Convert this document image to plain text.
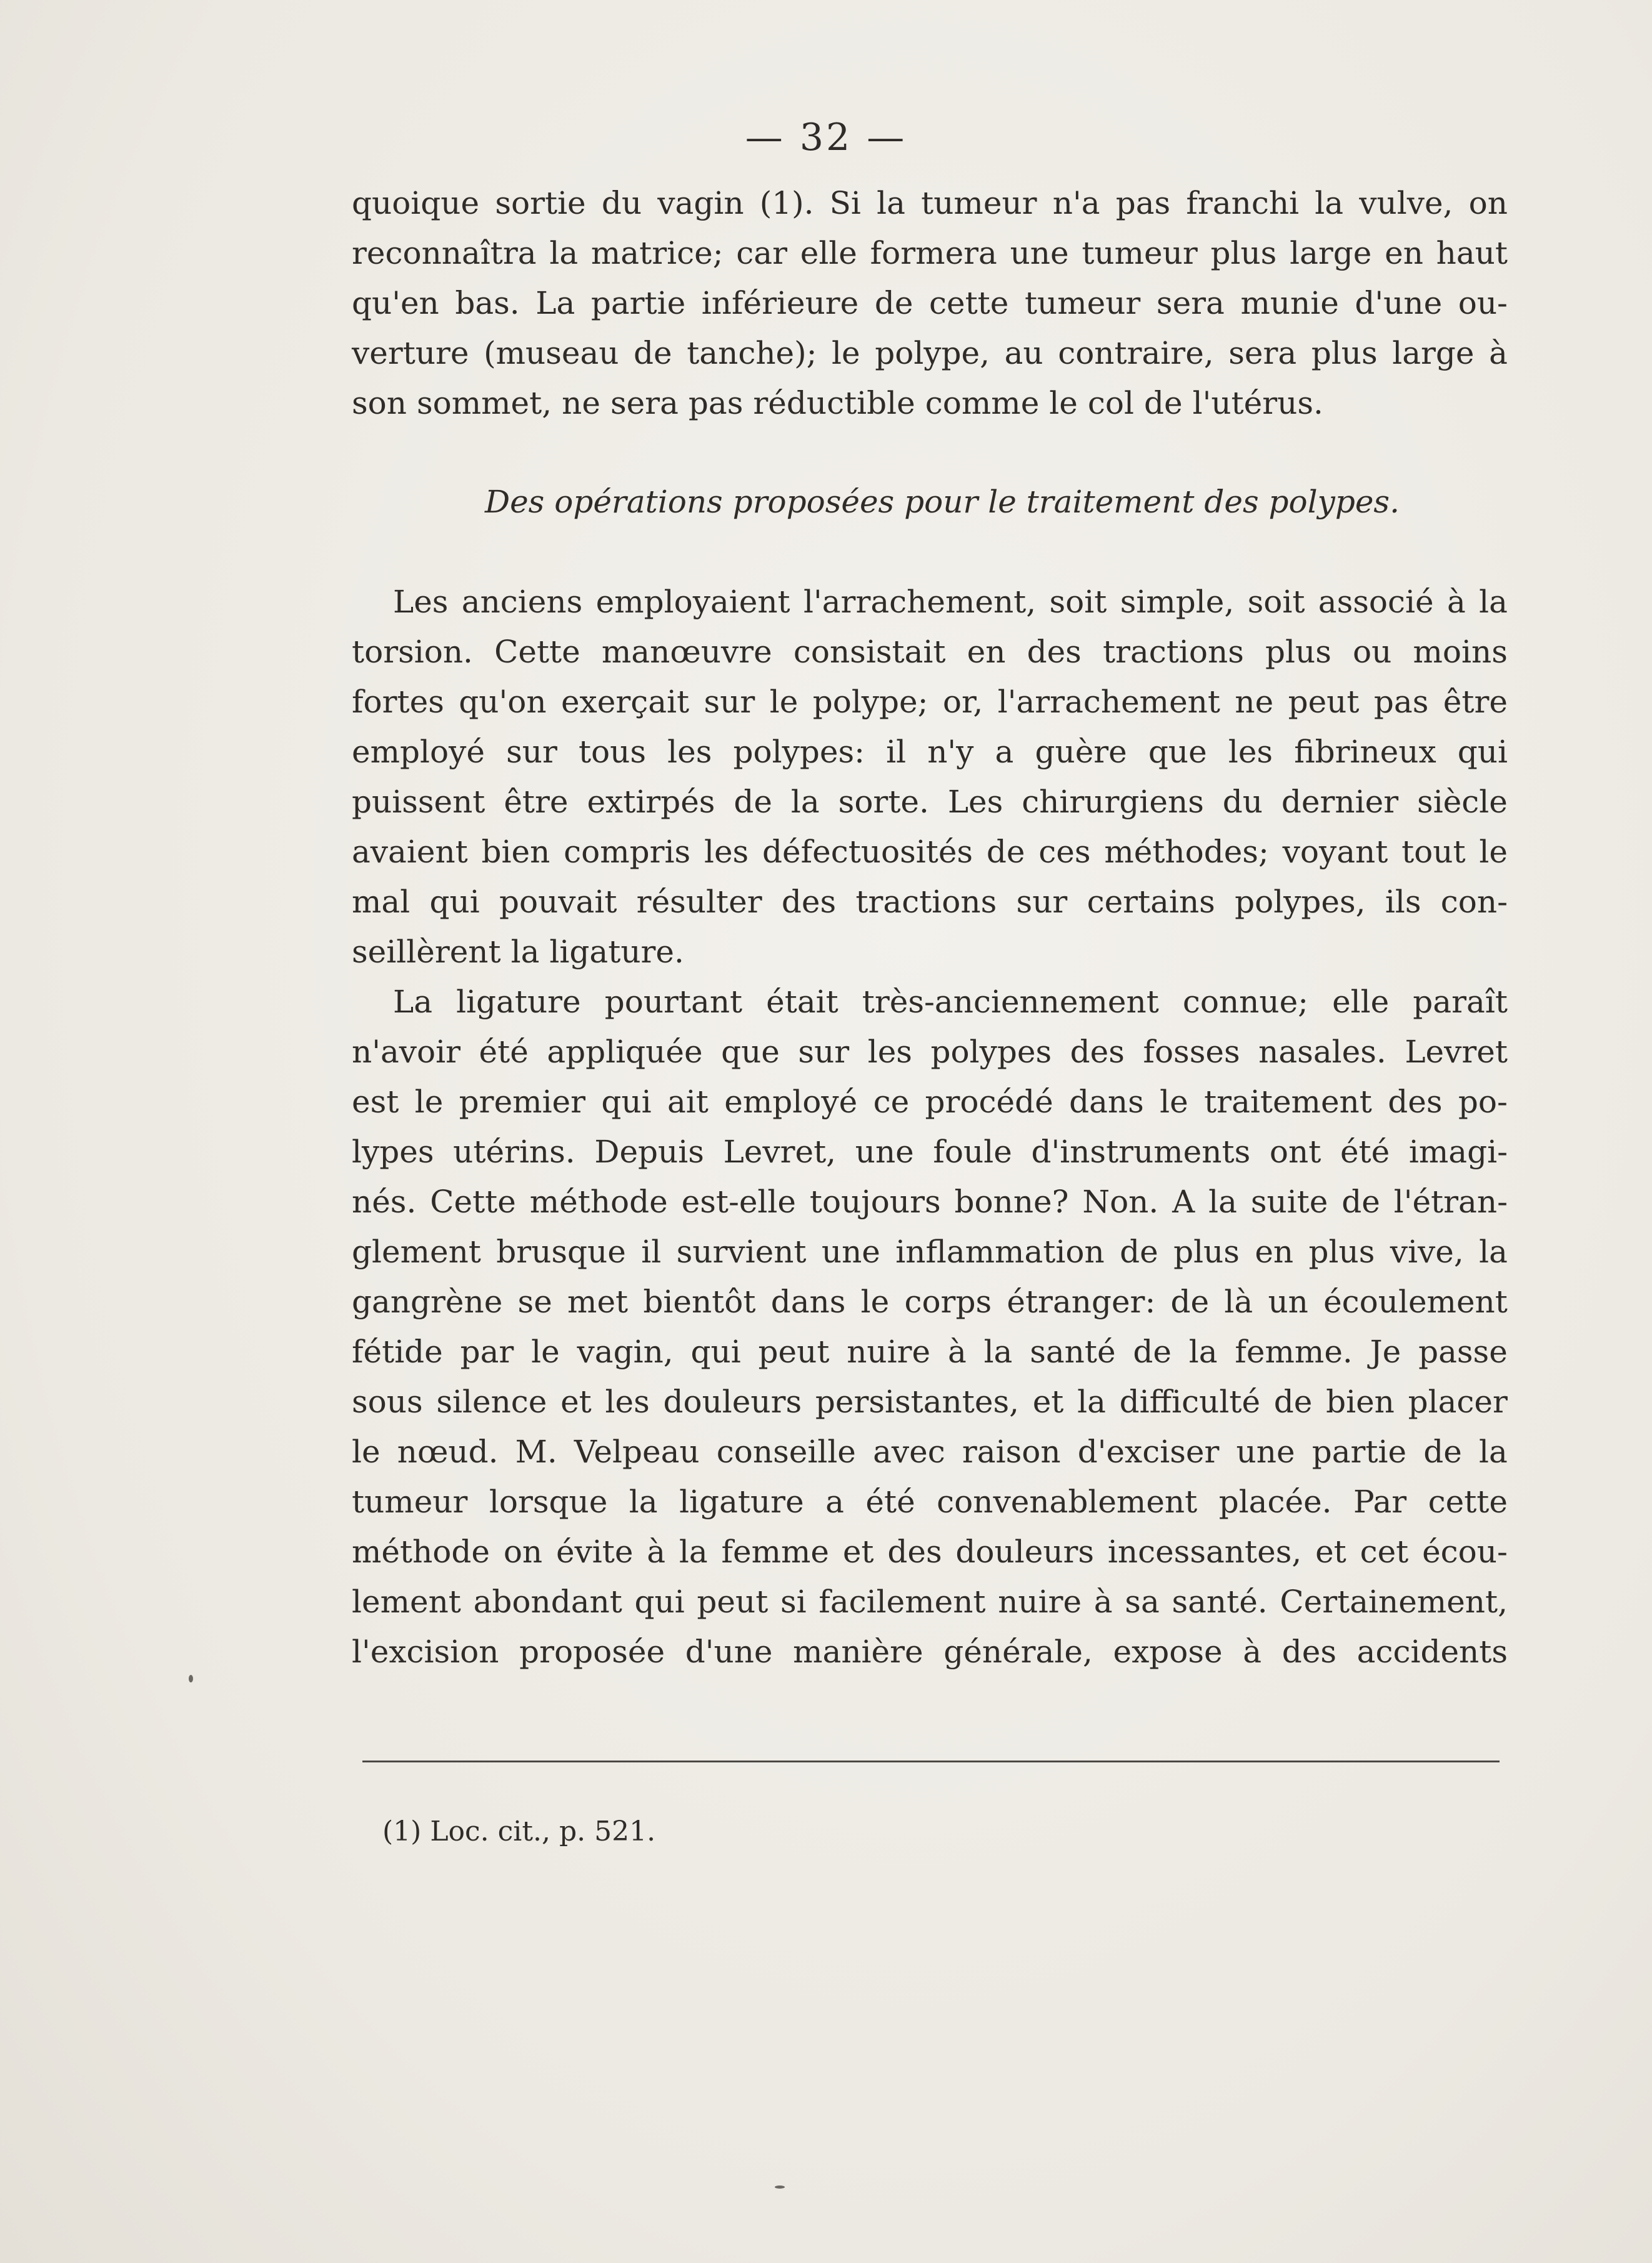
— 32 —
quoique sortie du vagin (1). Si la tumeur n'a pas franchi la vulve, on
reconnaîtra la matrice; car elle formera une tumeur plus large en haut
qu'en bas. La partie inférieure de cette tumeur sera munie d'une ou-
verture (museau de tanche); le polype, au contraire, sera plus large à
son sommet, ne sera pas réductible comme le col de l'utérus.
Des opérations proposées pour le traitement des polypes.
Les anciens employaient l'arrachement, soit simple, soit associé à la
torsion. Cette manœuvre consistait en des tractions plus ou moins
fortes qu'on exerçait sur le polype; or, l'arrachement ne peut pas être
employé sur tous les polypes: il n'y a guère que les fibrineux qui
puissent être extirpés de la sorte. Les chirurgiens du dernier siècle
avaient bien compris les défectuosités de ces méthodes; voyant tout le
mal qui pouvait résulter des tractions sur certains polypes, ils con-
seillèrent la ligature.
La ligature pourtant était très-anciennement connue; elle paraît
n'avoir été appliquée que sur les polypes des fosses nasales. Levret
est le premier qui ait employé ce procédé dans le traitement des po-
lypes utérins. Depuis Levret, une foule d'instruments ont été imagi-
nés. Cette méthode est-elle toujours bonne? Non. A la suite de l'étran-
glement brusque il survient une inflammation de plus en plus vive, la
gangrène se met bientôt dans le corps étranger: de là un écoulement
fétide par le vagin, qui peut nuire à la santé de la femme. Je passe
sous silence et les douleurs persistantes, et la difficulté de bien placer
le nœud. M. Velpeau conseille avec raison d'exciser une partie de la
tumeur lorsque la ligature a été convenablement placée. Par cette
méthode on évite à la femme et des douleurs incessantes, et cet écou-
lement abondant qui peut si facilement nuire à sa santé. Certainement,
l'excision proposée d'une manière générale, expose à des accidents
(1) Loc. cit., p. 521.
